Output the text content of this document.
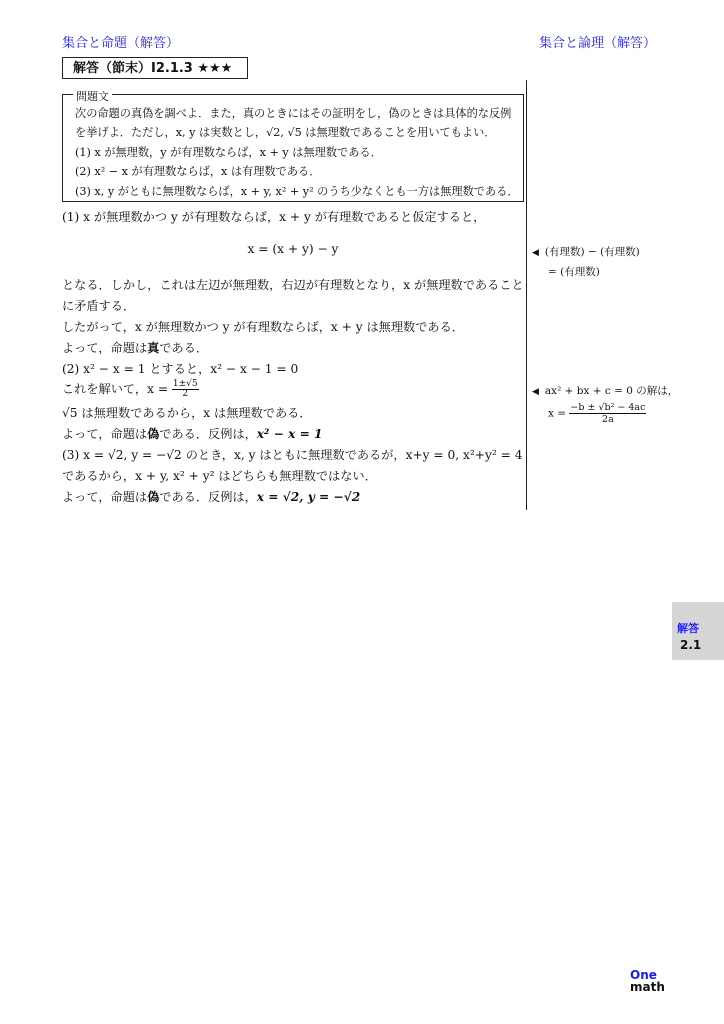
集合と命題（解答）	集合と論理（解答）
解答（節末）I2.1.3 ★★★
問題文
次の命題の真偽を調べよ．また，真のときにはその証明をし，偽のときは具体的な反例
を挙げよ．ただし，x, y は実数とし，√2, √5 は無理数であることを用いてもよい．
(1) x が無理数，y が有理数ならば，x + y は無理数である．
(2) x² − x が有理数ならば，x は有理数である．
(3) x, y がともに無理数ならば，x + y, x² + y² のうち少なくとも一方は無理数である．
(1) x が無理数かつ y が有理数ならば，x + y が有理数であると仮定すると，
x = (x + y) − y
となる．しかし，これは左辺が無理数，右辺が有理数となり，x が無理数であること
に矛盾する．
したがって，x が無理数かつ y が有理数ならば，x + y は無理数である．
よって，命題は真である．
(2) x² − x = 1 とすると，x² − x − 1 = 0
これを解いて，$x = \frac{1\pm√5}{2}$
√5 は無理数であるから，x は無理数である．
よって，命題は偽である．反例は，x² − x = 1
(3) x = √2, y = −√2 のとき，x, y はともに無理数であるが，x+y = 0, x²+y² = 4
であるから，x + y, x² + y² はどちらも無理数ではない．
よって，命題は偽である．反例は，x = √2, y = −√2
◀ (有理数) − (有理数)
= (有理数)
◀ ax² + bx + c = 0 の解は，
$x = \frac{\text{−b ± √b² − 4ac}}{2a}$
解答
2.1
One
math
